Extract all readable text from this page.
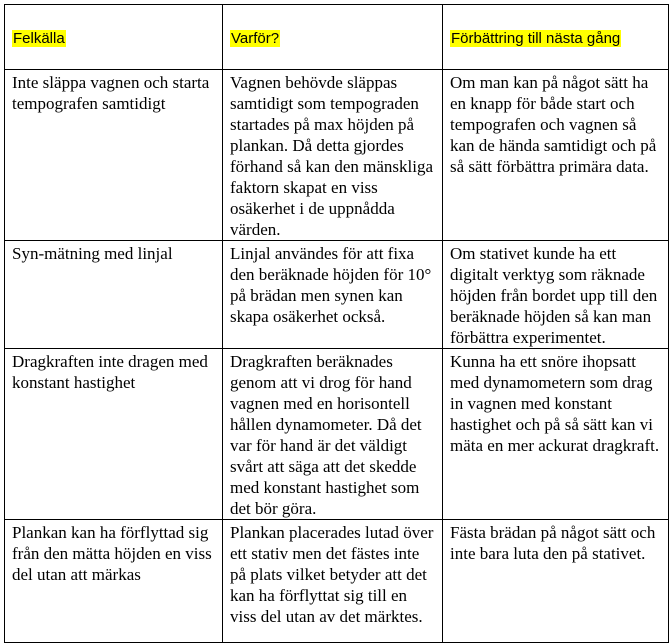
Felkälla	Varför?	Förbättring till nästa gång
Inte släppa vagnen och starta tempografen samtidigt	Vagnen behövde släppas samtidigt som tempograden startades på max höjden på plankan. Då detta gjordes förhand så kan den mänskliga faktorn skapat en viss osäkerhet i de uppnådda värden.	Om man kan på något sätt ha en knapp för både start och tempografen och vagnen så kan de hända samtidigt och på så sätt förbättra primära data.
Syn-mätning med linjal	Linjal användes för att fixa den beräknade höjden för 10° på brädan men synen kan skapa osäkerhet också.	Om stativet kunde ha ett digitalt verktyg som räknade höjden från bordet upp till den beräknade höjden så kan man förbättra experimentet.
Dragkraften inte dragen med konstant hastighet	Dragkraften beräknades genom att vi drog för hand vagnen med en horisontell hållen dynamometer. Då det var för hand är det väldigt svårt att säga att det skedde med konstant hastighet som det bör göra.	Kunna ha ett snöre ihopsatt med dynamometern som drag in vagnen med konstant hastighet och på så sätt kan vi mäta en mer ackurat dragkraft.
Plankan kan ha förflyttad sig från den mätta höjden en viss del utan att märkas	Plankan placerades lutad över ett stativ men det fästes inte på plats vilket betyder att det kan ha förflyttat sig till en viss del utan av det märktes.	Fästa brädan på något sätt och inte bara luta den på stativet.
